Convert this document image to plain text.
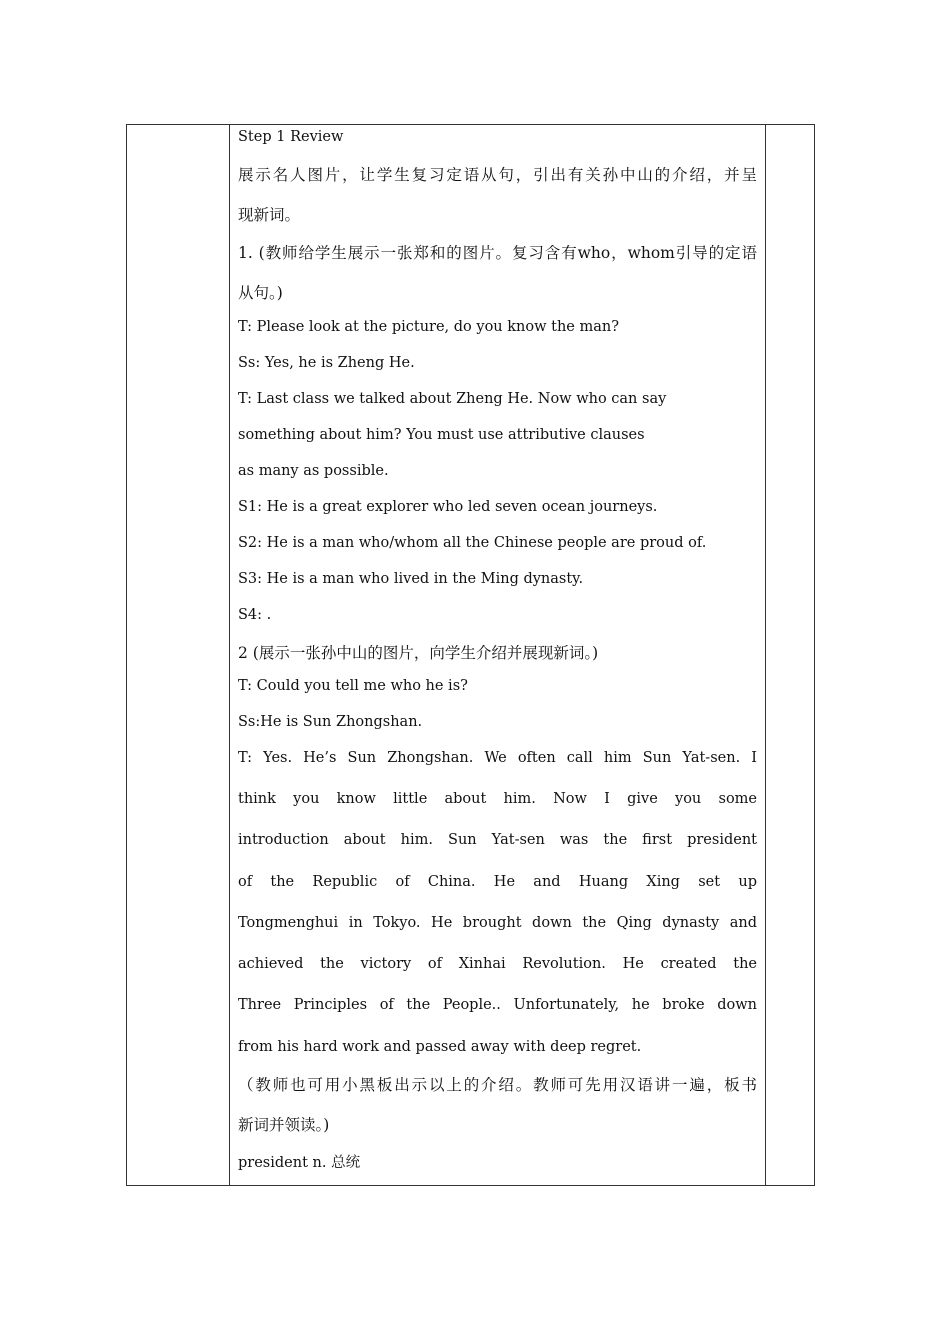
Step 1 Review
展示名人图片，让学生复习定语从句，引出有关孙中山的介绍，并呈
现新词。
1. (教师给学生展示一张郑和的图片。复习含有who，whom引导的定语
从句。)
T: Please look at the picture, do you know the man?
Ss: Yes, he is Zheng He.
T: Last class we talked about Zheng He. Now who can say
something about him? You must use attributive clauses
as many as possible.
S1: He is a great explorer who led seven ocean journeys.
S2: He is a man who/whom all the Chinese people are proud of.
S3: He is a man who lived in the Ming dynasty.
S4: .
2 (展示一张孙中山的图片，向学生介绍并展现新词。)
T: Could you tell me who he is?
Ss:He is Sun Zhongshan.
T: Yes. He’s Sun Zhongshan. We often call him Sun Yat-sen. I
think you know little about him. Now I give you some
introduction about him. Sun Yat-sen was the first president
of the Republic of China. He and Huang Xing set up
Tongmenghui in Tokyo. He brought down the Qing dynasty and
achieved the victory of Xinhai Revolution. He created the
Three Principles of the People.. Unfortunately, he broke down
from his hard work and passed away with deep regret.
（教师也可用小黑板出示以上的介绍。教师可先用汉语讲一遍，板书
新词并领读。)
president n. 总统
